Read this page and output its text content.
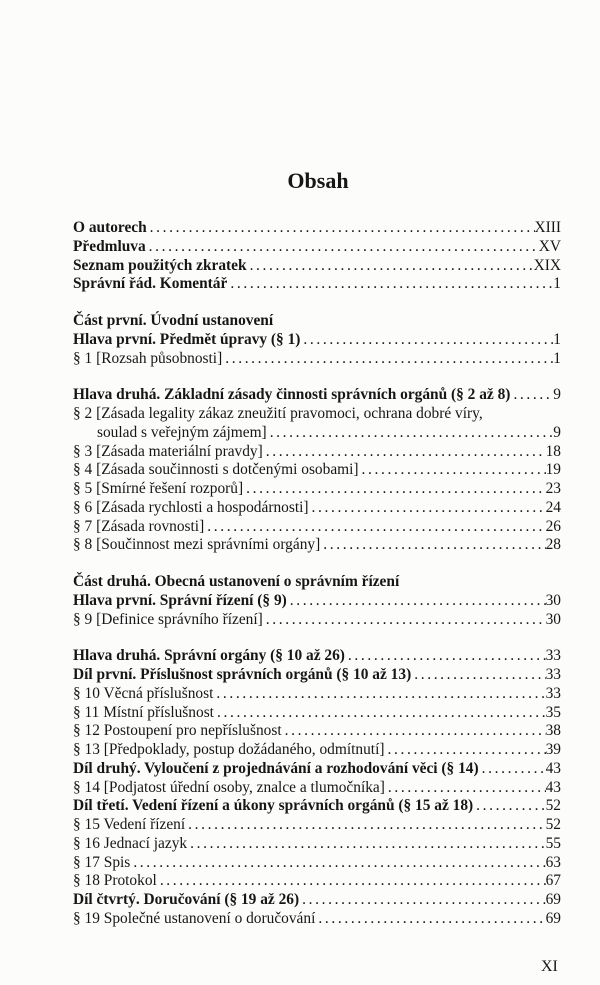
Obsah
O autorech . . .	XIII
Předmluva . . .	XV
Seznam použitých zkratek . . .	XIX
Správní řád. Komentář . . .	1
Část první. Úvodní ustanovení
Hlava první. Předmět úpravy (§ 1) . . .	1
§ 1 [Rozsah působnosti] . . .	1
Hlava druhá. Základní zásady činnosti správních orgánů (§ 2 až 8) . . .	9
§ 2 [Zásada legality zákaz zneužití pravomoci, ochrana dobré víry,
soulad s veřejným zájmem] . . .	9
§ 3 [Zásada materiální pravdy] . . .	18
§ 4 [Zásada součinnosti s dotčenými osobami] . . .	19
§ 5 [Smírné řešení rozporů] . . .	23
§ 6 [Zásada rychlosti a hospodárnosti] . . .	24
§ 7 [Zásada rovnosti] . . .	26
§ 8 [Součinnost mezi správními orgány] . . .	28
Část druhá. Obecná ustanovení o správním řízení
Hlava první. Správní řízení (§ 9) . . .	30
§ 9 [Definice správního řízení] . . .	30
Hlava druhá. Správní orgány (§ 10 až 26) . . .	33
Díl první. Příslušnost správních orgánů (§ 10 až 13) . . .	33
§ 10 Věcná příslušnost . . .	33
§ 11 Místní příslušnost . . .	35
§ 12 Postoupení pro nepříslušnost . . .	38
§ 13 [Předpoklady, postup dožádaného, odmítnutí] . . .	39
Díl druhý. Vyloučení z projednávání a rozhodování věci (§ 14) . . .	43
§ 14 [Podjatost úřední osoby, znalce a tlumočníka] . . .	43
Díl třetí. Vedení řízení a úkony správních orgánů (§ 15 až 18) . . .	52
§ 15 Vedení řízení . . .	52
§ 16 Jednací jazyk . . .	55
§ 17 Spis . . .	63
§ 18 Protokol . . .	67
Díl čtvrtý. Doručování (§ 19 až 26) . . .	69
§ 19 Společné ustanovení o doručování . . .	69
XI
